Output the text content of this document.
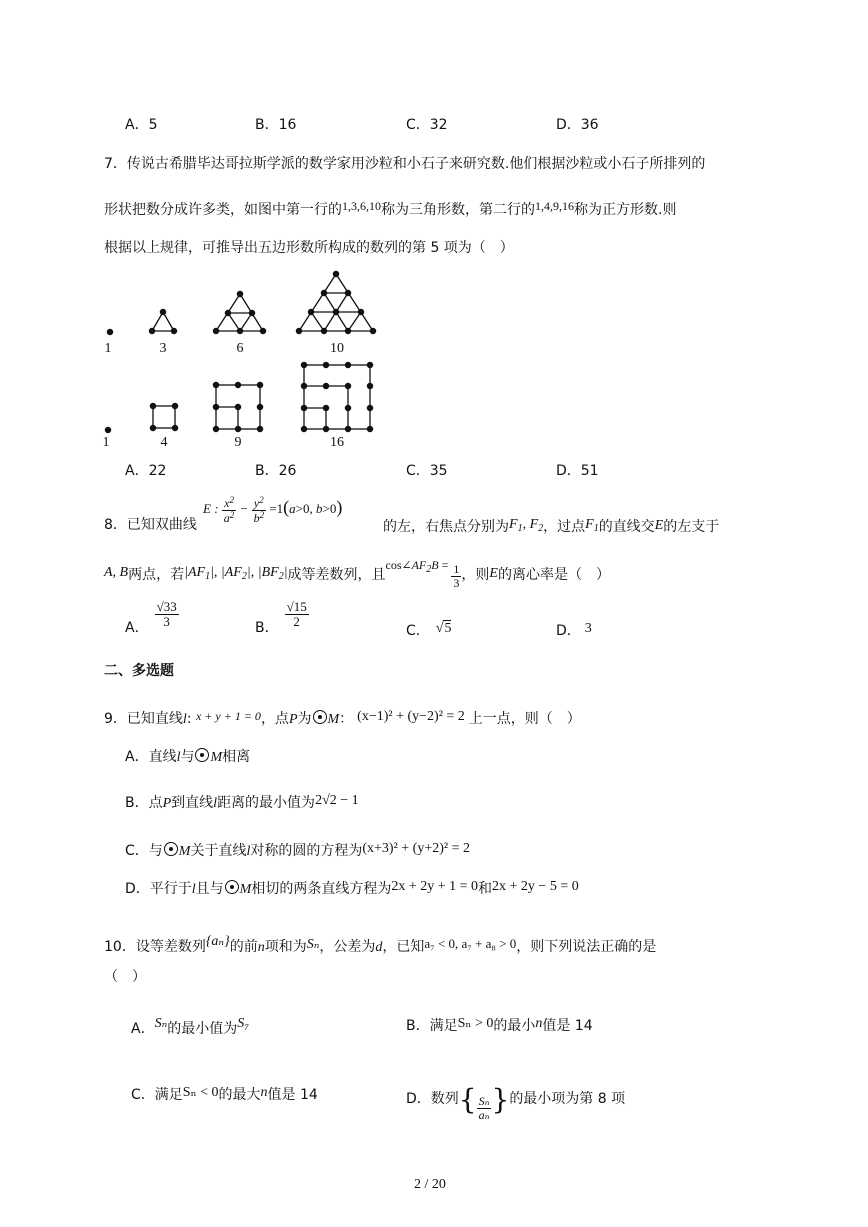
A．5	B．16	C．32	D．36
7．传说古希腊毕达哥拉斯学派的数学家用沙粒和小石子来研究数.他们根据沙粒或小石子所排列的
形状把数分成许多类，如图中第一行的1,3,6,10称为三角形数，第二行的1,4,9,16称为正方形数.则
根据以上规律，可推导出五边形数所构成的数列的第 5 项为（　）
1	3	6	10
1	4	9	16
A．22	B．26	C．35	D．51
8．已知双曲线
E : $\frac{x^2}{a^2} - \frac{y^2}{b^2} =1(a>0$, b>0)
的左，右焦点分别为$F_1$, $F_2$，过点$F_1$的直线交E的左支于
A, B两点，若$|AF_1|$, $|AF_2|$, $|BF_2|$成等差数列，且$\cos\angle AF_2B = \frac{1}{3}$ ，则E的离心率是（　）
A． $\frac{√33}{3}$	B． $\frac{√15}{2}$
C． √5	D． 3
二、多选题
9．已知直线l: x + y + 1 = 0，点P为 M： (x−1)² + (y−2)² = 2 上一点，则（　）
A．直线l与 M相离
B．点P到直线l距离的最小值为2√2 − 1
C．与 M关于直线l对称的圆的方程为(x+3)² + (y+2)² = 2
D．平行于l且与 M相切的两条直线方程为2x + 2y + 1 = 0和2x + 2y − 5 = 0
10．设等差数列{aₙ}的前n项和为Sₙ，公差为d，已知a₇ < 0, a₇ + a₈ > 0，则下列说法正确的是
（　）
A．Sₙ的最小值为S₇	B．满足Sₙ > 0的最小n值是 14
C．满足Sₙ < 0的最大n值是 14	D．数列{ $\frac{\text{Sₙ}}{\text{aₙ}}$ }的最小项为第 8 项
2 / 20
